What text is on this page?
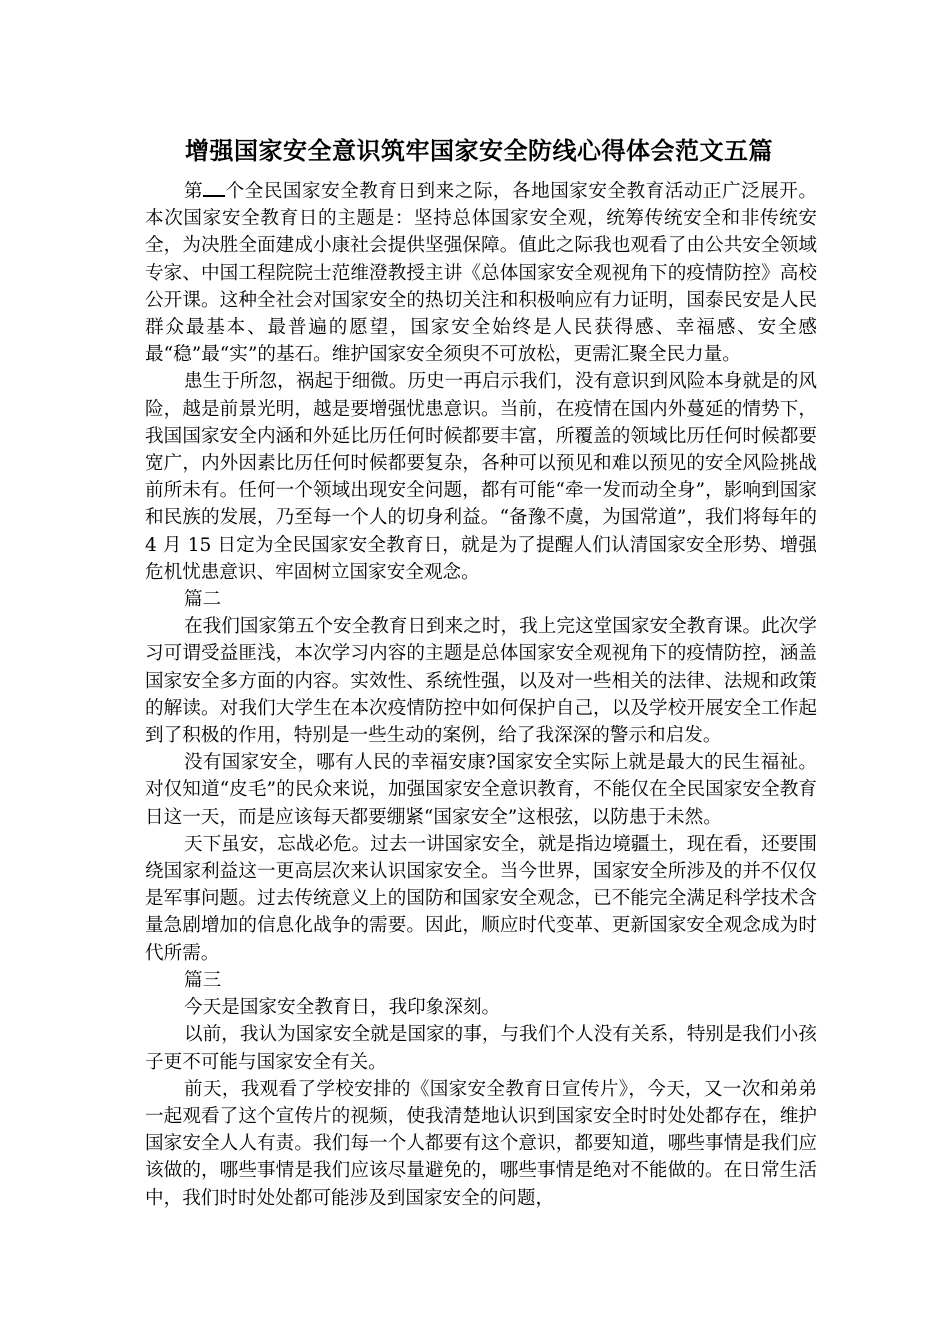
增强国家安全意识筑牢国家安全防线心得体会范文五篇

第 个全民国家安全教育日到来之际，各地国家安全教育活动正广泛展开。本次国家安全教育日的主题是：坚持总体国家安全观，统筹传统安全和非传统安全，为决胜全面建成小康社会提供坚强保障。值此之际我也观看了由公共安全领域专家、中国工程院院士范维澄教授主讲《总体国家安全观视角下的疫情防控》高校公开课。这种全社会对国家安全的热切关注和积极响应有力证明，国泰民安是人民群众最基本、最普遍的愿望，国家安全始终是人民获得感、幸福感、安全感最“稳”最“实”的基石。维护国家安全须臾不可放松，更需汇聚全民力量。

患生于所忽，祸起于细微。历史一再启示我们，没有意识到风险本身就是的风险，越是前景光明，越是要增强忧患意识。当前，在疫情在国内外蔓延的情势下，我国国家安全内涵和外延比历任何时候都要丰富，所覆盖的领域比历任何时候都要宽广，内外因素比历任何时候都要复杂，各种可以预见和难以预见的安全风险挑战前所未有。任何一个领域出现安全问题，都有可能“牵一发而动全身”，影响到国家和民族的发展，乃至每一个人的切身利益。“备豫不虞，为国常道”，我们将每年的 4 月 15 日定为全民国家安全教育日，就是为了提醒人们认清国家安全形势、增强危机忧患意识、牢固树立国家安全观念。

篇二

在我们国家第五个安全教育日到来之时，我上完这堂国家安全教育课。此次学习可谓受益匪浅，本次学习内容的主题是总体国家安全观视角下的疫情防控，涵盖国家安全多方面的内容。实效性、系统性强，以及对一些相关的法律、法规和政策的解读。对我们大学生在本次疫情防控中如何保护自己，以及学校开展安全工作起到了积极的作用，特别是一些生动的案例，给了我深深的警示和启发。

没有国家安全，哪有人民的幸福安康?国家安全实际上就是最大的民生福祉。对仅知道“皮毛”的民众来说，加强国家安全意识教育，不能仅在全民国家安全教育日这一天，而是应该每天都要绷紧“国家安全”这根弦，以防患于未然。

天下虽安，忘战必危。过去一讲国家安全，就是指边境疆土，现在看，还要围绕国家利益这一更高层次来认识国家安全。当今世界，国家安全所涉及的并不仅仅是军事问题。过去传统意义上的国防和国家安全观念，已不能完全满足科学技术含量急剧增加的信息化战争的需要。因此，顺应时代变革、更新国家安全观念成为时代所需。

篇三

今天是国家安全教育日，我印象深刻。

以前，我认为国家安全就是国家的事，与我们个人没有关系，特别是我们小孩子更不可能与国家安全有关。

前天，我观看了学校安排的《国家安全教育日宣传片》，今天，又一次和弟弟一起观看了这个宣传片的视频，使我清楚地认识到国家安全时时处处都存在，维护国家安全人人有责。我们每一个人都要有这个意识，都要知道，哪些事情是我们应该做的，哪些事情是我们应该尽量避免的，哪些事情是绝对不能做的。在日常生活中，我们时时处处都可能涉及到国家安全的问题，
